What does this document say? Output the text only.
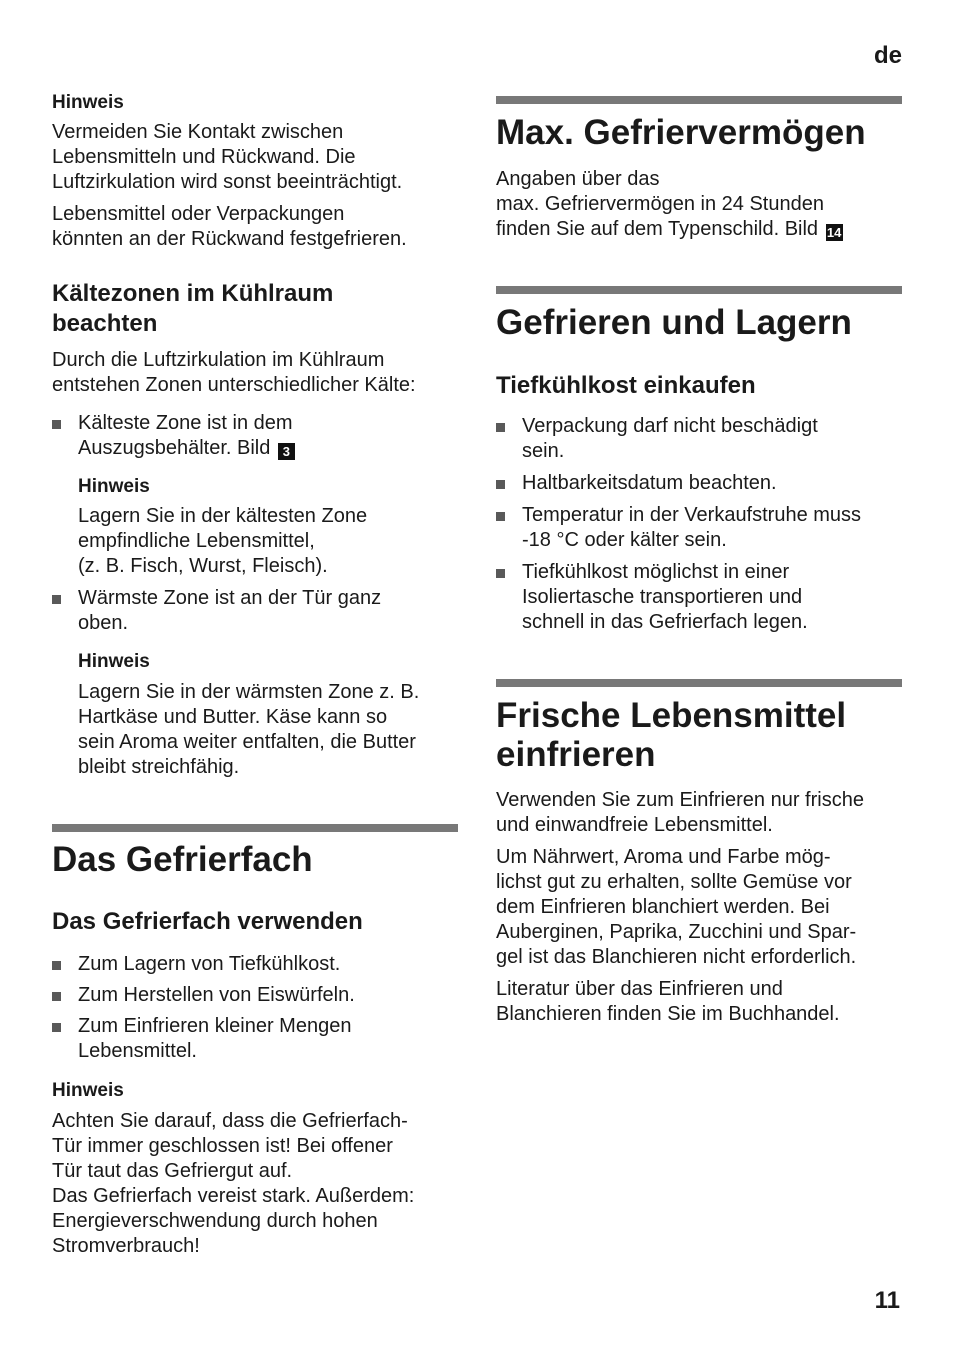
de

Hinweis

Vermeiden Sie Kontakt zwischen

Lebensmitteln und Rückwand. Die

Luftzirkulation wird sonst beeinträchtigt.

Lebensmittel oder Verpackungen

könnten an der Rückwand festgefrieren.

Kältezonen im Kühlraum

beachten

Durch die Luftzirkulation im Kühlraum

entstehen Zonen unterschiedlicher Kälte:

Kälteste Zone ist in dem
Auszugsbehälter. Bild 3

Hinweis

Lagern Sie in der kältesten Zone

empfindliche Lebensmittel,

(z. B. Fisch, Wurst, Fleisch).

Wärmste Zone ist an der Tür ganz
oben.

Hinweis

Lagern Sie in der wärmsten Zone z. B.

Hartkäse und Butter. Käse kann so

sein Aroma weiter entfalten, die Butter

bleibt streichfähig.

Das Gefrierfach

Das Gefrierfach verwenden

Zum Lagern von Tiefkühlkost.
Zum Herstellen von Eiswürfeln.
Zum Einfrieren kleiner Mengen
Lebensmittel.

Hinweis

Achten Sie darauf, dass die Gefrierfach-

Tür immer geschlossen ist! Bei offener

Tür taut das Gefriergut auf.

Das Gefrierfach vereist stark. Außerdem:

Energieverschwendung durch hohen

Stromverbrauch!

Max. Gefriervermögen

Angaben über das

max. Gefriervermögen in 24 Stunden

finden Sie auf dem Typenschild. Bild 14

Gefrieren und Lagern

Tiefkühlkost einkaufen

Verpackung darf nicht beschädigt
sein.
Haltbarkeitsdatum beachten.
Temperatur in der Verkaufstruhe muss
-18 °C oder kälter sein.
Tiefkühlkost möglichst in einer
Isoliertasche transportieren und
schnell in das Gefrierfach legen.

Frische Lebensmittel

einfrieren

Verwenden Sie zum Einfrieren nur frische

und einwandfreie Lebensmittel.

Um Nährwert, Aroma und Farbe mög-

lichst gut zu erhalten, sollte Gemüse vor

dem Einfrieren blanchiert werden. Bei

Auberginen, Paprika, Zucchini und Spar-

gel ist das Blanchieren nicht erforderlich.

Literatur über das Einfrieren und

Blanchieren finden Sie im Buchhandel.

11
